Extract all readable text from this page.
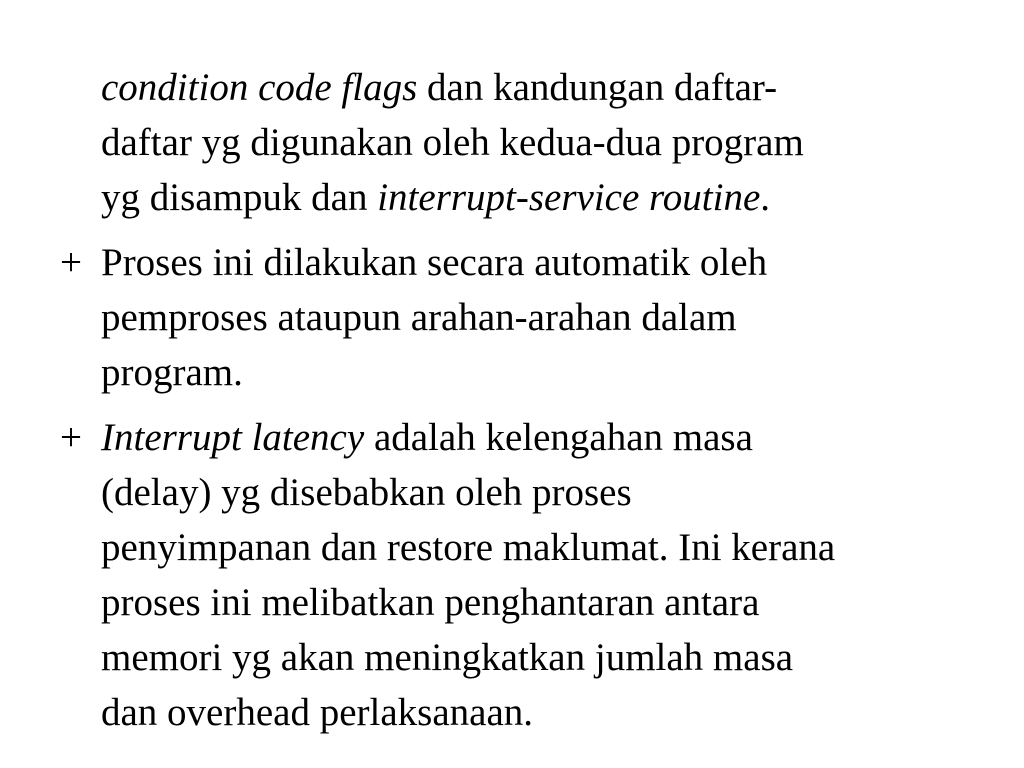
condition code flags dan kandungan daftar-
daftar yg digunakan oleh kedua-dua program
yg disampuk dan interrupt-service routine.
+ Proses ini dilakukan secara automatik oleh
pemproses ataupun arahan-arahan dalam
program.
+ Interrupt latency adalah kelengahan masa
(delay) yg disebabkan oleh proses
penyimpanan dan restore maklumat. Ini kerana
proses ini melibatkan penghantaran antara
memori yg akan meningkatkan jumlah masa
dan overhead perlaksanaan.
